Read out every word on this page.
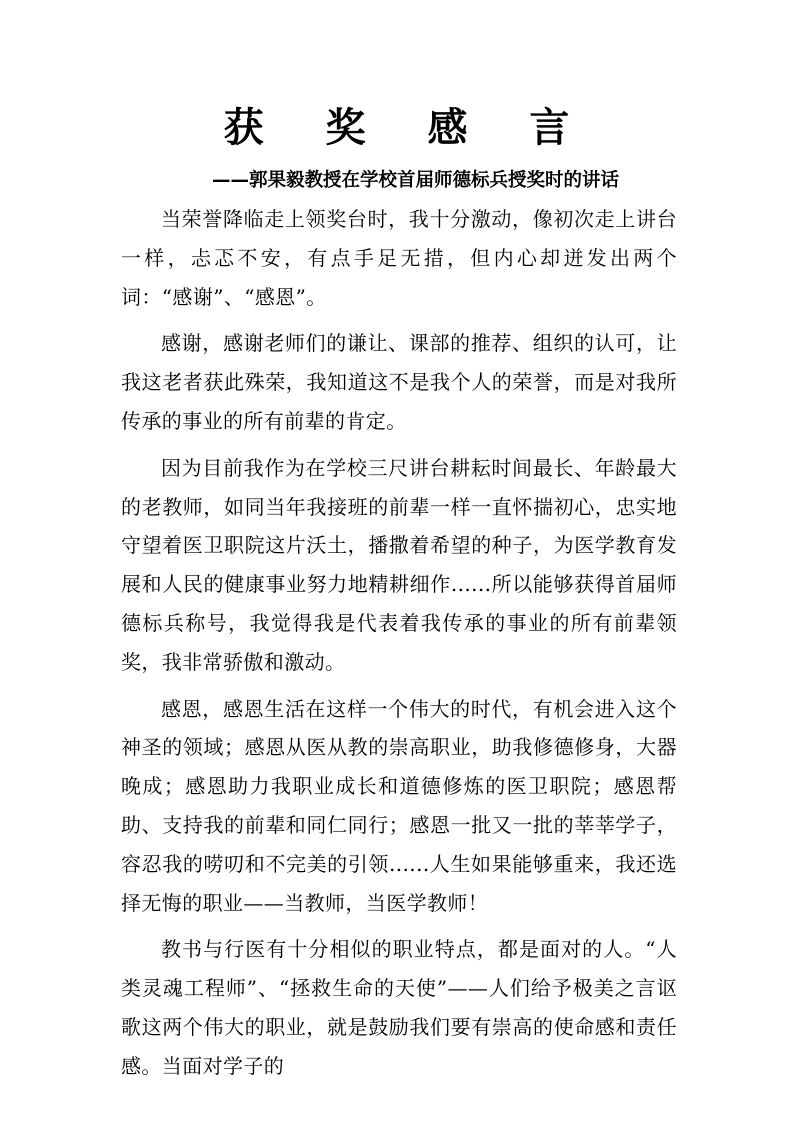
获 奖 感 言
——郭果毅教授在学校首届师德标兵授奖时的讲话

当荣誉降临走上领奖台时，我十分激动，像初次走上讲台一样，忐忑不安，有点手足无措，但内心却迸发出两个词：“感谢”、“感恩”。

感谢，感谢老师们的谦让、课部的推荐、组织的认可，让我这老者获此殊荣，我知道这不是我个人的荣誉，而是对我所传承的事业的所有前辈的肯定。

因为目前我作为在学校三尺讲台耕耘时间最长、年龄最大的老教师，如同当年我接班的前辈一样一直怀揣初心，忠实地守望着医卫职院这片沃土，播撒着希望的种子，为医学教育发展和人民的健康事业努力地精耕细作......所以能够获得首届师德标兵称号，我觉得我是代表着我传承的事业的所有前辈领奖，我非常骄傲和激动。

感恩，感恩生活在这样一个伟大的时代，有机会进入这个神圣的领域；感恩从医从教的崇高职业，助我修德修身，大器晚成；感恩助力我职业成长和道德修炼的医卫职院；感恩帮助、支持我的前辈和同仁同行；感恩一批又一批的莘莘学子，容忍我的唠叨和不完美的引领......人生如果能够重来，我还选择无悔的职业——当教师，当医学教师！

教书与行医有十分相似的职业特点，都是面对的人。“人类灵魂工程师”、“拯救生命的天使”——人们给予极美之言讴歌这两个伟大的职业，就是鼓励我们要有崇高的使命感和责任感。当面对学子的
